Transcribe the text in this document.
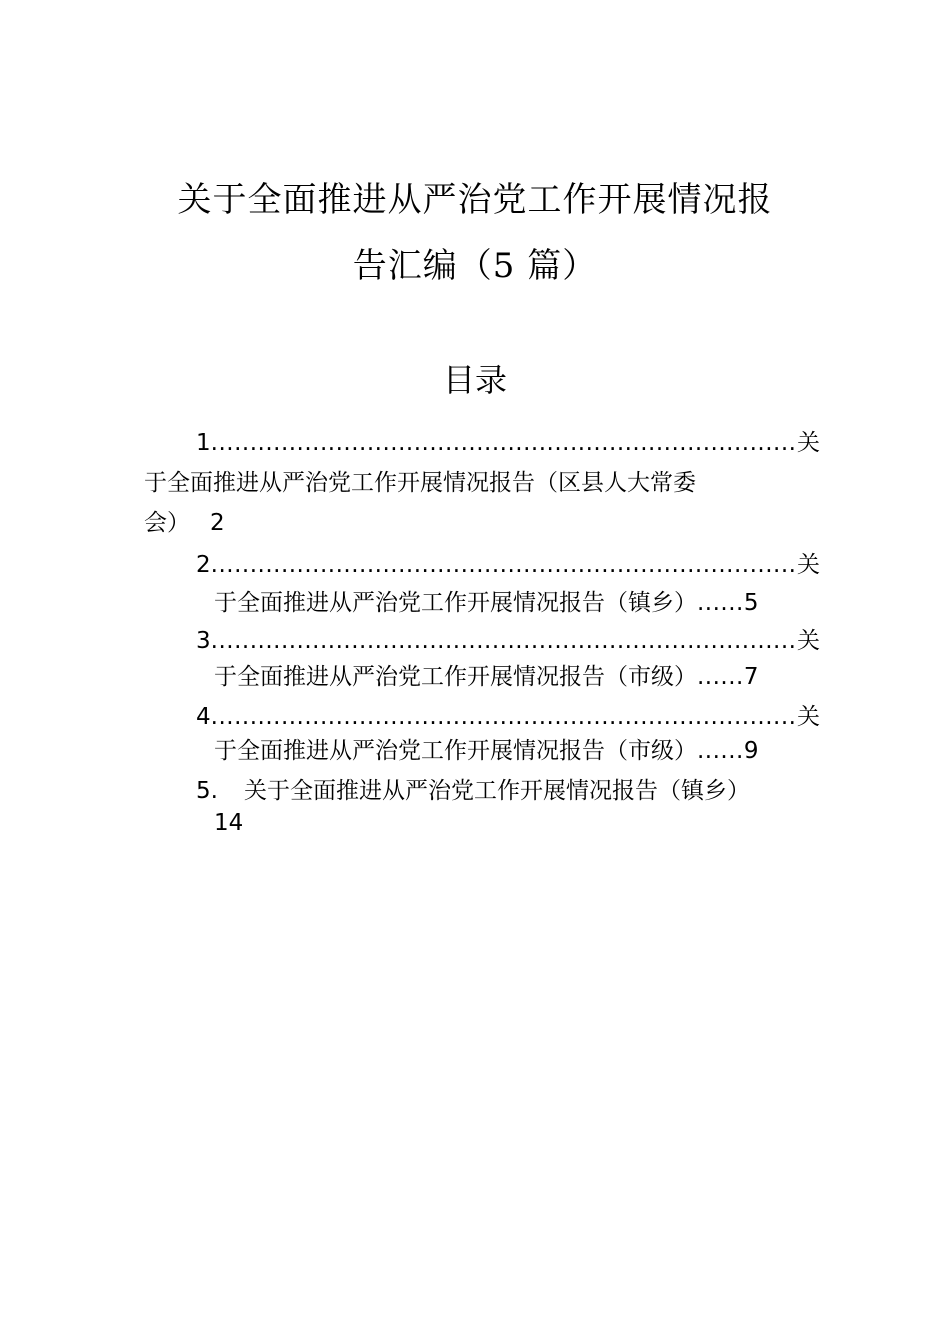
关于全面推进从严治党工作开展情况报
告汇编（5 篇）
目录
1 .....	关
于全面推进从严治党工作开展情况报告（区县人大常委
会） 2
2 .....	关
于全面推进从严治党工作开展情况报告（镇乡） ...... 5
3 .....	关
于全面推进从严治党工作开展情况报告（市级） ...... 7
4 .....	关
于全面推进从严治党工作开展情况报告（市级） ...... 9
5. 关于全面推进从严治党工作开展情况报告（镇乡）
14
